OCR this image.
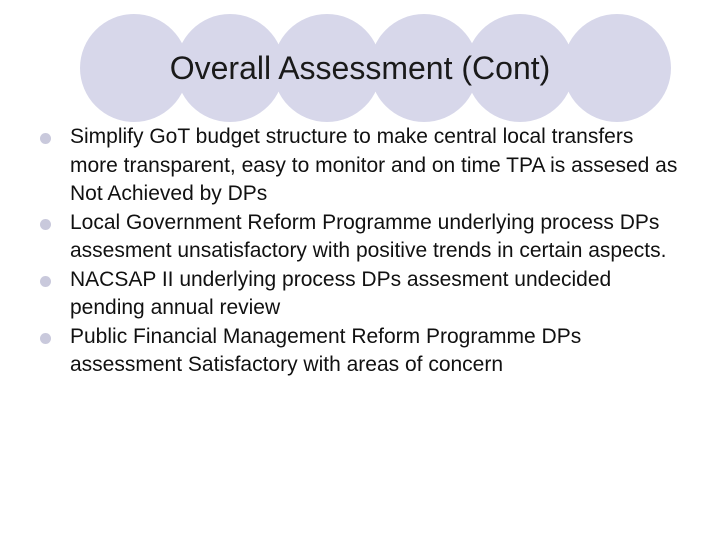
Overall Assessment (Cont)
Simplify GoT budget structure to make central local transfers more transparent, easy to monitor and on time TPA is assesed as Not Achieved by DPs
Local Government Reform Programme underlying process DPs assesment unsatisfactory with positive trends in certain aspects.
NACSAP II underlying process DPs assesment undecided pending annual review
Public Financial Management Reform Programme DPs assessment Satisfactory with areas of concern
